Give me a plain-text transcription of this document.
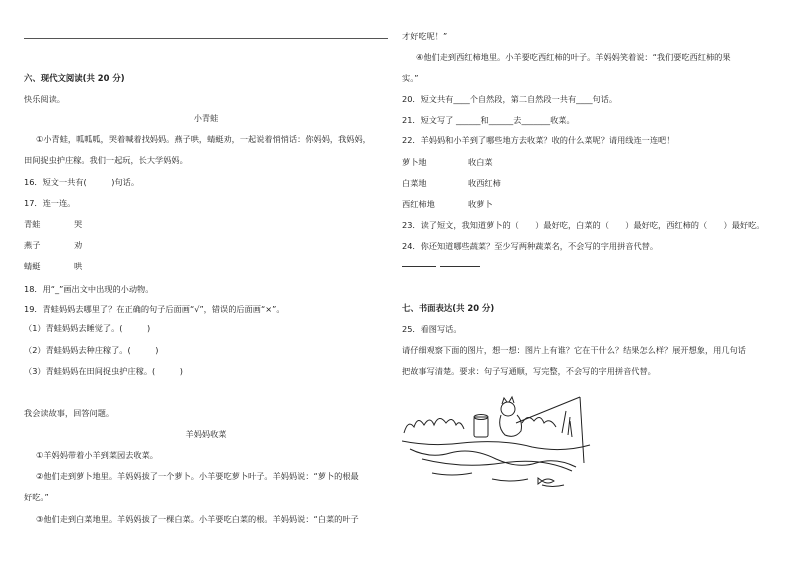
六、现代文阅读(共 20 分)
快乐阅读。
小青蛙
①小青蛙，呱呱呱，哭着喊着找妈妈。燕子哄，蜻蜓劝，一起说着悄悄话：你妈妈，我妈妈，
田间捉虫护庄稼。我们一起玩，长大学妈妈。
16．短文一共有(　　　)句话。
17．连一连。
青蛙	哭
燕子	劝
蜻蜓	哄
18．用“_”画出文中出现的小动物。
19．青蛙妈妈去哪里了？在正确的句子后面画“√”，错误的后面画“×”。
（1）青蛙妈妈去睡觉了。(　　　)
（2）青蛙妈妈去种庄稼了。(　　　)
（3）青蛙妈妈在田间捉虫护庄稼。(　　　)
我会读故事，回答问题。
羊妈妈收菜
①羊妈妈带着小羊到菜园去收菜。
②他们走到萝卜地里。羊妈妈拔了一个萝卜。小羊要吃萝卜叶子。羊妈妈说：“萝卜的根最
好吃。”
③他们走到白菜地里。羊妈妈拔了一棵白菜。小羊要吃白菜的根。羊妈妈说：“白菜的叶子
才好吃呢！”
④他们走到西红柿地里。小羊要吃西红柿的叶子。羊妈妈笑着说：“我们要吃西红柿的果
实。”
20．短文共有____个自然段，第二自然段一共有____句话。
21．短文写了 ______和______去_______收菜。
22．羊妈妈和小羊到了哪些地方去收菜？收的什么菜呢？请用线连一连吧！
萝卜地	收白菜
白菜地	收西红柿
西红柿地	收萝卜
23．读了短文，我知道萝卜的（　　）最好吃，白菜的（　　）最好吃，西红柿的（　　）最好吃。
24．你还知道哪些蔬菜？至少写两种蔬菜名，不会写的字用拼音代替。
七、书面表达(共 20 分)
25．看图写话。
请仔细观察下面的图片，想一想：图片上有谁？它在干什么？结果怎么样？展开想象，用几句话
把故事写清楚。要求：句子写通顺，写完整，不会写的字用拼音代替。
